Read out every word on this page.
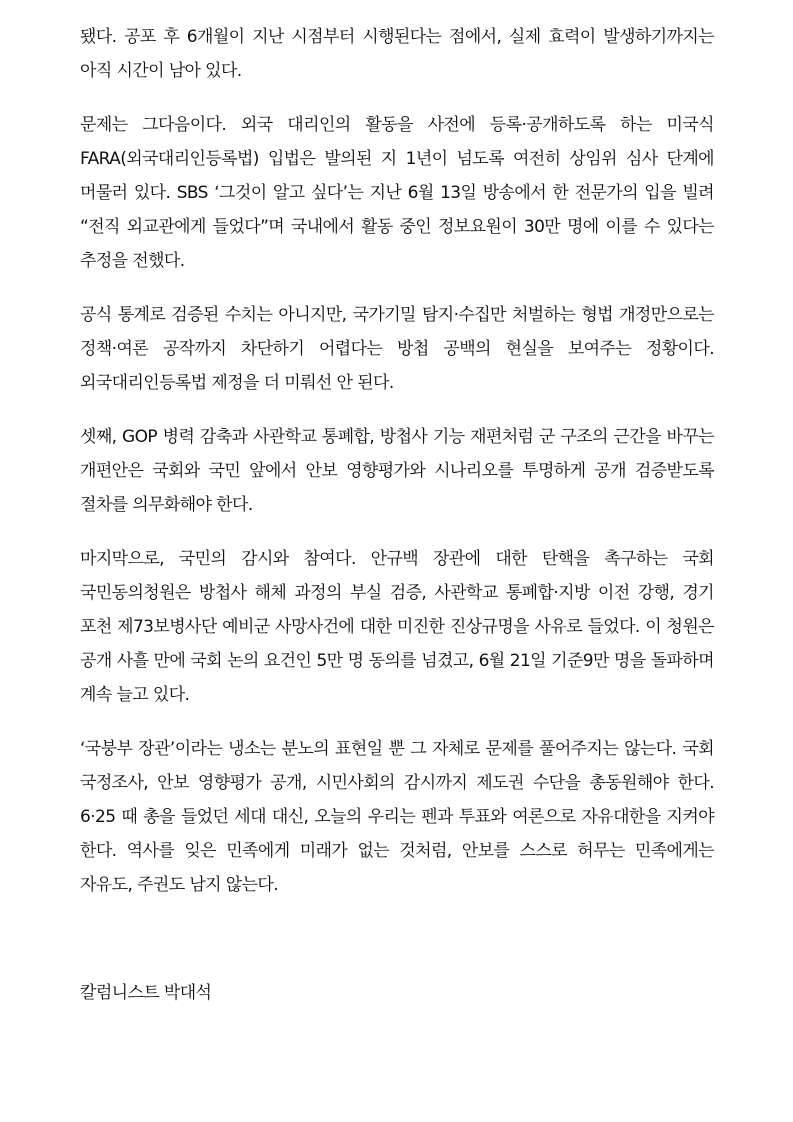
됐다. 공포 후 6개월이 지난 시점부터 시행된다는 점에서, 실제 효력이 발생하기까지는 아직 시간이 남아 있다.

문제는 그다음이다. 외국 대리인의 활동을 사전에 등록·공개하도록 하는 미국식 FARA(외국대리인등록법) 입법은 발의된 지 1년이 넘도록 여전히 상임위 심사 단계에 머물러 있다. SBS ‘그것이 알고 싶다’는 지난 6월 13일 방송에서 한 전문가의 입을 빌려 “전직 외교관에게 들었다”며 국내에서 활동 중인 정보요원이 30만 명에 이를 수 있다는 추정을 전했다.

공식 통계로 검증된 수치는 아니지만, 국가기밀 탐지·수집만 처벌하는 형법 개정만으로는 정책·여론 공작까지 차단하기 어렵다는 방첩 공백의 현실을 보여주는 정황이다. 외국대리인등록법 제정을 더 미뤄선 안 된다.

셋째, GOP 병력 감축과 사관학교 통폐합, 방첩사 기능 재편처럼 군 구조의 근간을 바꾸는 개편안은 국회와 국민 앞에서 안보 영향평가와 시나리오를 투명하게 공개 검증받도록 절차를 의무화해야 한다.

마지막으로, 국민의 감시와 참여다. 안규백 장관에 대한 탄핵을 촉구하는 국회 국민동의청원은 방첩사 해체 과정의 부실 검증, 사관학교 통폐합·지방 이전 강행, 경기 포천 제73보병사단 예비군 사망사건에 대한 미진한 진상규명을 사유로 들었다. 이 청원은 공개 사흘 만에 국회 논의 요건인 5만 명 동의를 넘겼고, 6월 21일 기준9만 명을 돌파하며 계속 늘고 있다.

‘국붕부 장관’이라는 냉소는 분노의 표현일 뿐 그 자체로 문제를 풀어주지는 않는다. 국회 국정조사, 안보 영향평가 공개, 시민사회의 감시까지 제도권 수단을 총동원해야 한다. 6·25 때 총을 들었던 세대 대신, 오늘의 우리는 펜과 투표와 여론으로 자유대한을 지켜야 한다. 역사를 잊은 민족에게 미래가 없는 것처럼, 안보를 스스로 허무는 민족에게는 자유도, 주권도 남지 않는다.

칼럼니스트 박대석
